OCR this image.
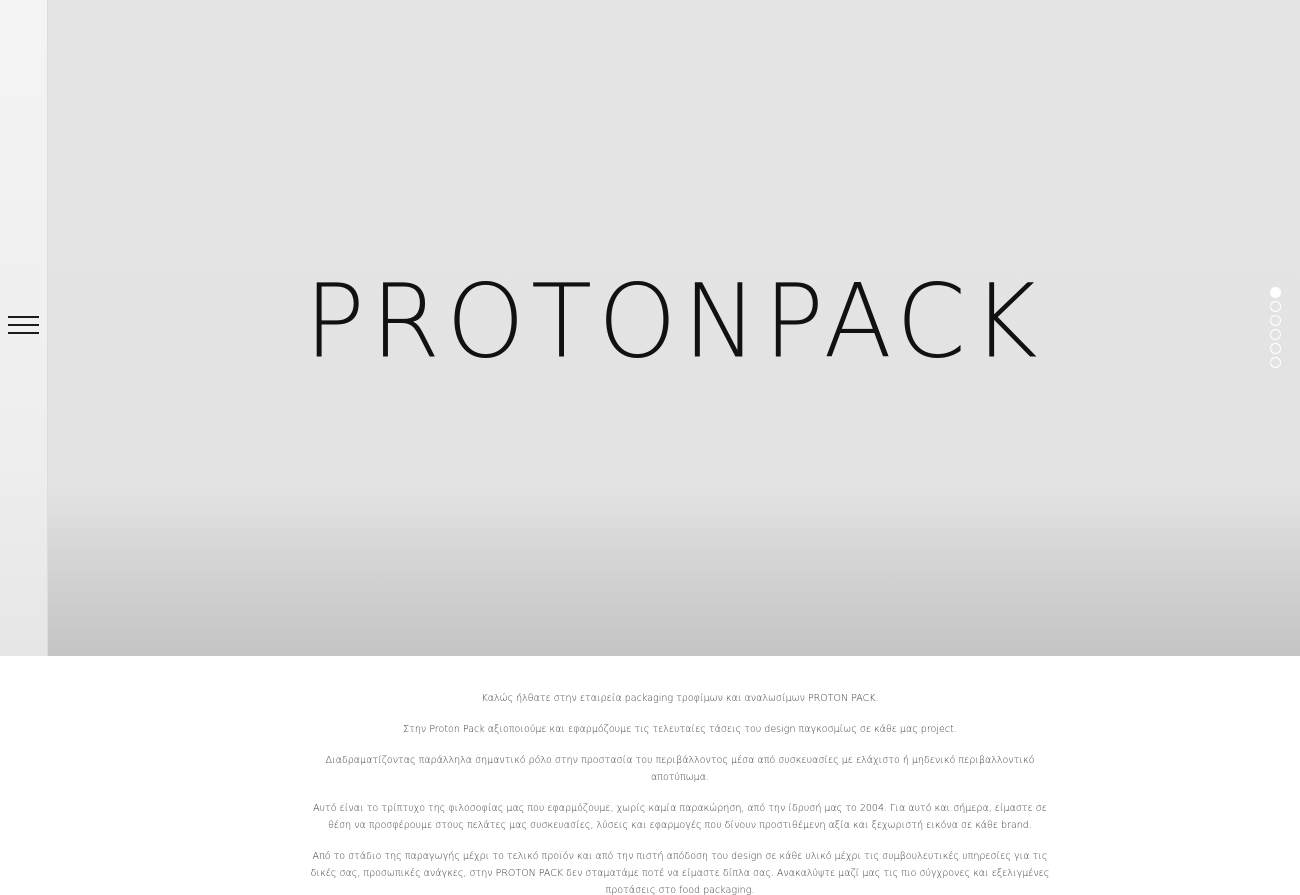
PROTONPACK

Καλώς ήλθατε στην εταιρεία packaging τροφίμων και αναλωσίμων PROTON PACK.

Στην Proton Pack αξιοποιούμε και εφαρμόζουμε τις τελευταίες τάσεις του design παγκοσμίως σε κάθε μας project.

Διαδραματίζοντας παράλληλα σημαντικό ρόλο στην προστασία του περιβάλλοντος μέσα από συσκευασίες με ελάχιστο ή μηδενικό περιβαλλοντικό αποτύπωμα.

Αυτό είναι το τρίπτυχο της φιλοσοφίας μας που εφαρμόζουμε, χωρίς καμία παρακώρηση, από την ίδρυσή μας το 2004. Για αυτό και σήμερα, είμαστε σε θέση να προσφέρουμε στους πελάτες μας συσκευασίες, λύσεις και εφαρμογές που δίνουν προστιθέμενη αξία και ξεχωριστή εικόνα σε κάθε brand.

Από το στάδιο της παραγωγής μέχρι το τελικό προϊόν και από την πιστή απόδοση του design σε κάθε υλικό μέχρι τις συμβουλευτικές υπηρεσίες για τις δικές σας, προσωπικές ανάγκες, στην PROTON PACK δεν σταματάμε ποτέ να είμαστε δίπλα σας. Ανακαλύψτε μαζί μας τις πιο σύγχρονες και εξελιγμένες προτάσεις στο food packaging.
